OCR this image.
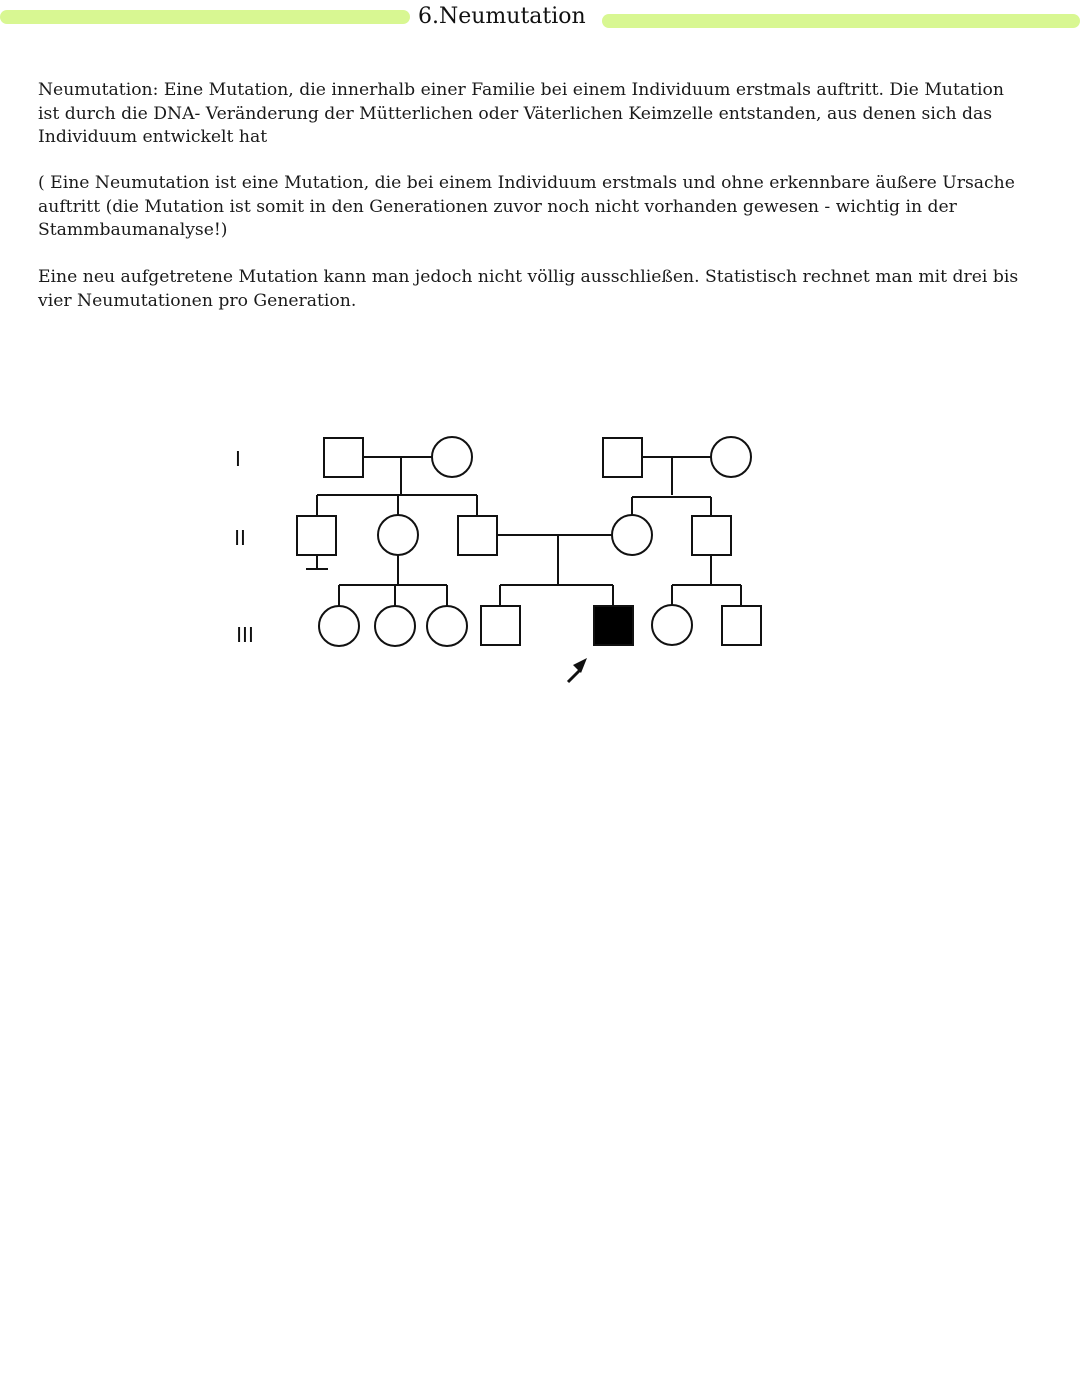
6.Neumutation

Neumutation: Eine Mutation, die innerhalb einer Familie bei einem Individuum erstmals auftritt. Die Mutation ist durch die DNA- Veränderung der Mütterlichen oder Väterlichen Keimzelle entstanden, aus denen sich das Individuum entwickelt hat

( Eine Neumutation ist eine Mutation, die bei einem Individuum erstmals und ohne erkennbare äußere Ursache auftritt (die Mutation ist somit in den Generationen zuvor noch nicht vorhanden gewesen - wichtig in der Stammbaumanalyse!)

Eine neu aufgetretene Mutation kann man jedoch nicht völlig ausschließen. Statistisch rechnet man mit drei bis vier Neumutationen pro Generation.

I
II
III
